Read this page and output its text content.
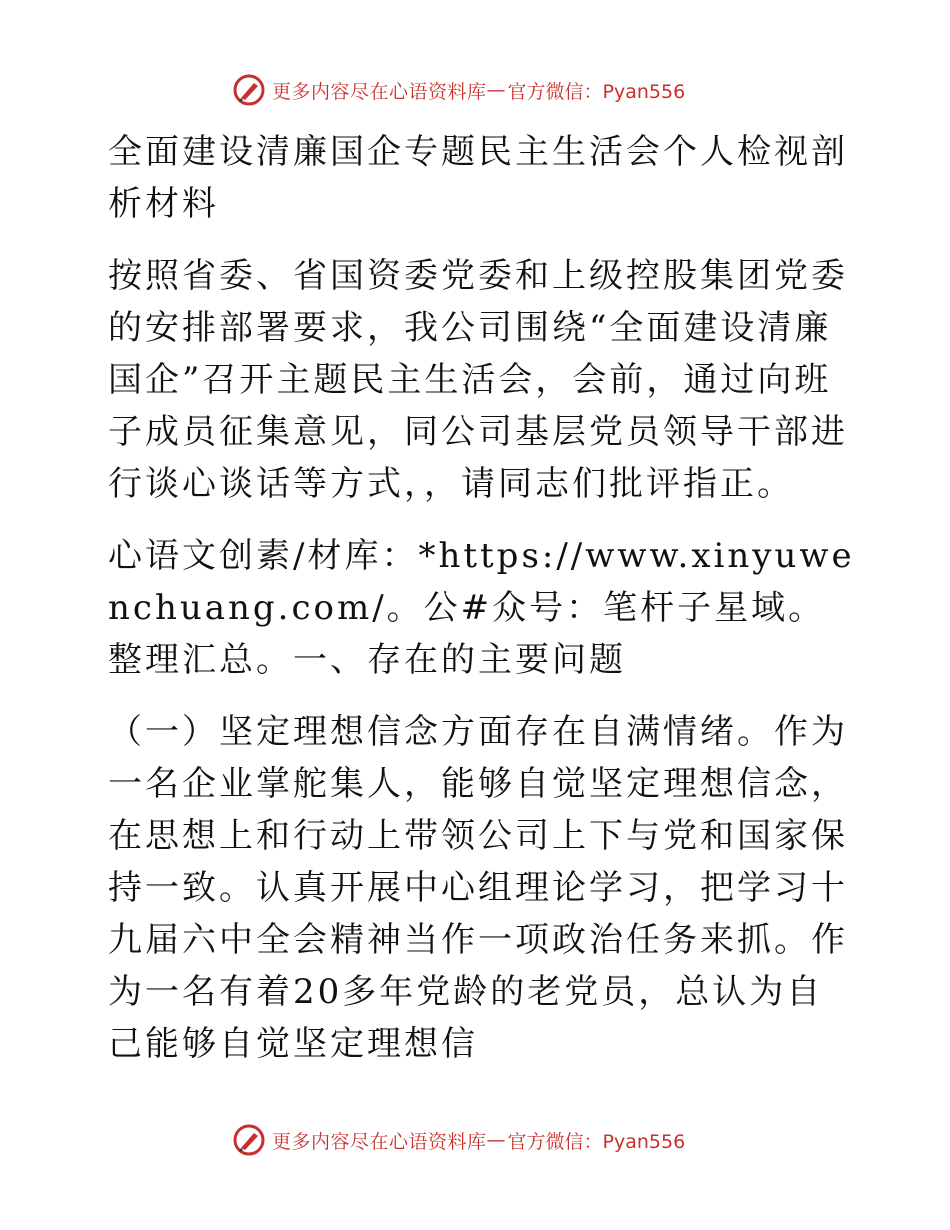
更多内容尽在心语资料库 — 官方微信：Pyan556

全面建设清廉国企专题民主生活会个人检视剖析材料

按照省委、省国资委党委和上级控股集团党委的安排部署要求，我公司围绕“全面建设清廉国企”召开主题民主生活会，会前，通过向班子成员征集意见，同公司基层党员领导干部进行谈心谈话等方式，，请同志们批评指正。

心语文创素/材库：*https://www.xinyuwenchuang.com/。公#众号：笔杆子星域。整理汇总。一、存在的主要问题

（一）坚定理想信念方面存在自满情绪。作为一名企业掌舵集人，能够自觉坚定理想信念，在思想上和行动上带领公司上下与党和国家保持一致。认真开展中心组理论学习，把学习十九届六中全会精神当作一项政治任务来抓。作为一名有着20多年党龄的老党员，总认为自己能够自觉坚定理想信

更多内容尽在心语资料库 — 官方微信：Pyan556
